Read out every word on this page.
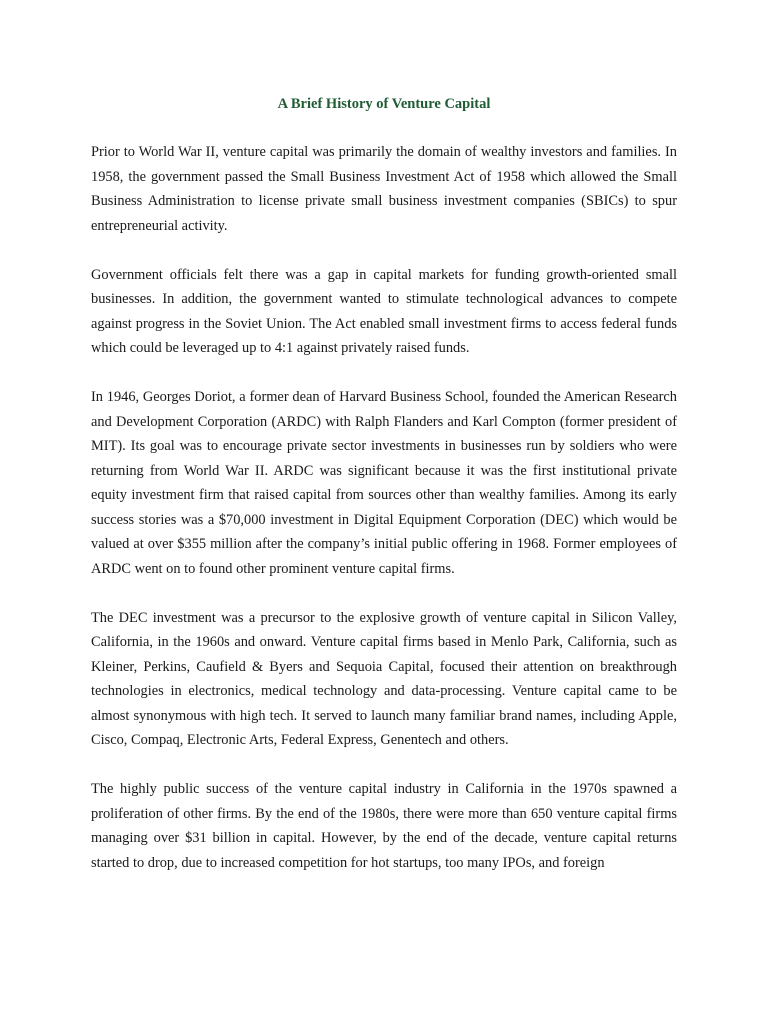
A Brief History of Venture Capital

Prior to World War II, venture capital was primarily the domain of wealthy investors and families. In 1958, the government passed the Small Business Investment Act of 1958 which allowed the Small Business Administration to license private small business investment companies (SBICs) to spur entrepreneurial activity.

Government officials felt there was a gap in capital markets for funding growth-oriented small businesses. In addition, the government wanted to stimulate technological advances to compete against progress in the Soviet Union. The Act enabled small investment firms to access federal funds which could be leveraged up to 4:1 against privately raised funds.

In 1946, Georges Doriot, a former dean of Harvard Business School, founded the American Research and Development Corporation (ARDC) with Ralph Flanders and Karl Compton (former president of MIT). Its goal was to encourage private sector investments in businesses run by soldiers who were returning from World War II. ARDC was significant because it was the first institutional private equity investment firm that raised capital from sources other than wealthy families. Among its early success stories was a $70,000 investment in Digital Equipment Corporation (DEC) which would be valued at over $355 million after the company’s initial public offering in 1968. Former employees of ARDC went on to found other prominent venture capital firms.

The DEC investment was a precursor to the explosive growth of venture capital in Silicon Valley, California, in the 1960s and onward. Venture capital firms based in Menlo Park, California, such as Kleiner, Perkins, Caufield & Byers and Sequoia Capital, focused their attention on breakthrough technologies in electronics, medical technology and data-processing. Venture capital came to be almost synonymous with high tech. It served to launch many familiar brand names, including Apple, Cisco, Compaq, Electronic Arts, Federal Express, Genentech and others.

The highly public success of the venture capital industry in California in the 1970s spawned a proliferation of other firms. By the end of the 1980s, there were more than 650 venture capital firms managing over $31 billion in capital. However, by the end of the decade, venture capital returns started to drop, due to increased competition for hot startups, too many IPOs, and foreign
